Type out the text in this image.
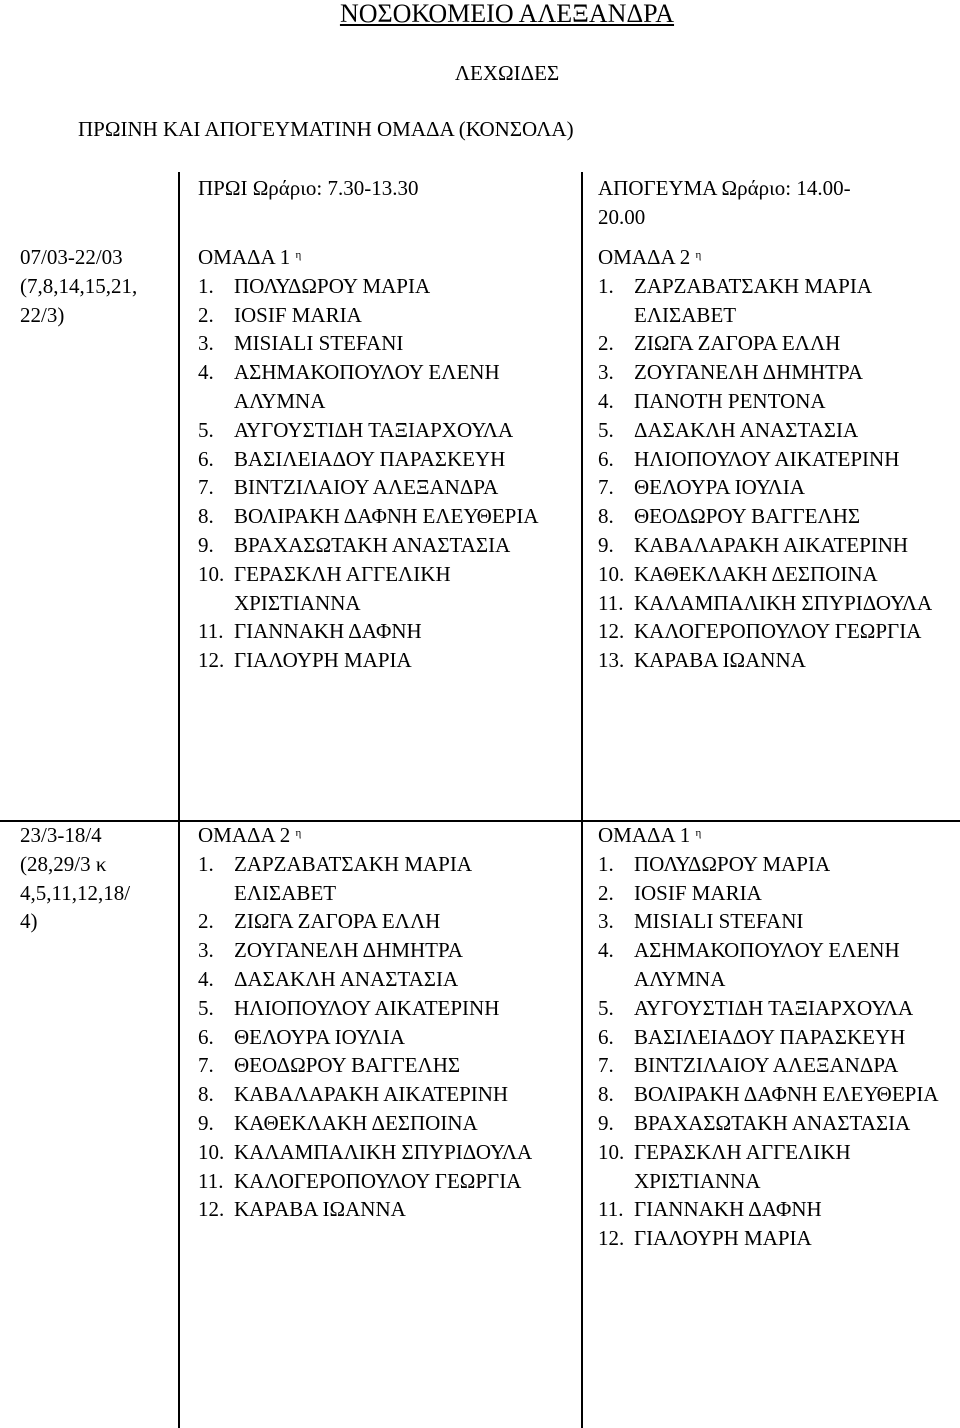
ΝΟΣΟΚΟΜΕΙΟ ΑΛΕΞΑΝΔΡΑ
ΛΕΧΩΙΔΕΣ
ΠΡΩΙΝΗ ΚΑΙ ΑΠΟΓΕΥΜΑΤΙΝΗ ΟΜΑΔΑ (ΚΟΝΣΟΛΑ)
ΠΡΩΙ Ωράριο: 7.30-13.30	ΑΠΟΓΕΥΜΑ Ωράριο: 14.00-
20.00
07/03-22/03
(7,8,14,15,21,
22/3)
ΟΜΑΔΑ 1 $^\eta$
1. ΠΟΛΥΔΩΡΟΥ ΜΑΡΙΑ
2. IOSIF MARIA
3. MISIALI STEFANI
4. ΑΣΗΜΑΚΟΠΟΥΛΟΥ ΕΛΕΝΗ ΑΛΥΜΝΑ
5. ΑΥΓΟΥΣΤΙΔΗ ΤΑΞΙΑΡΧΟΥΛΑ
6. ΒΑΣΙΛΕΙΑΔΟΥ ΠΑΡΑΣΚΕΥΗ
7. ΒΙΝΤΖΙΛΑΙΟΥ ΑΛΕΞΑΝΔΡΑ
8. ΒΟΛΙΡΑΚΗ ΔΑΦΝΗ ΕΛΕΥΘΕΡΙΑ
9. ΒΡΑΧΑΣΩΤΑΚΗ ΑΝΑΣΤΑΣΙΑ
10. ΓΕΡΑΣΚΛΗ ΑΓΓΕΛΙΚΗ ΧΡΙΣΤΙΑΝΝΑ
11. ΓΙΑΝΝΑΚΗ ΔΑΦΝΗ
12. ΓΙΑΛΟΥΡΗ ΜΑΡΙΑ
ΟΜΑΔΑ 2 $^\eta$
1. ΖΑΡΖΑΒΑΤΣΑΚΗ ΜΑΡΙΑ ΕΛΙΣΑΒΕΤ
2. ΖΙΩΓΑ ΖΑΓΟΡΑ ΕΛΛΗ
3. ΖΟΥΓΑΝΕΛΗ ΔΗΜΗΤΡΑ
4. ΠΑΝΟΤΗ ΡΕΝΤΟΝΑ
5. ΔΑΣΑΚΛΗ ΑΝΑΣΤΑΣΙΑ
6. ΗΛΙΟΠΟΥΛΟΥ ΑΙΚΑΤΕΡΙΝΗ
7. ΘΕΛΟΥΡΑ ΙΟΥΛΙΑ
8. ΘΕΟΔΩΡΟΥ ΒΑΓΓΕΛΗΣ
9. ΚΑΒΑΛΑΡΑΚΗ ΑΙΚΑΤΕΡΙΝΗ
10. ΚΑΘΕΚΛΑΚΗ ΔΕΣΠΟΙΝΑ
11. ΚΑΛΑΜΠΑΛΙΚΗ ΣΠΥΡΙΔΟΥΛΑ
12. ΚΑΛΟΓΕΡΟΠΟΥΛΟΥ ΓΕΩΡΓΙΑ
13. ΚΑΡΑΒΑ ΙΩΑΝΝΑ
23/3-18/4
(28,29/3 κ
4,5,11,12,18/
4)
ΟΜΑΔΑ 2 $^\eta$
1. ΖΑΡΖΑΒΑΤΣΑΚΗ ΜΑΡΙΑ ΕΛΙΣΑΒΕΤ
2. ΖΙΩΓΑ ΖΑΓΟΡΑ ΕΛΛΗ
3. ΖΟΥΓΑΝΕΛΗ ΔΗΜΗΤΡΑ
4. ΔΑΣΑΚΛΗ ΑΝΑΣΤΑΣΙΑ
5. ΗΛΙΟΠΟΥΛΟΥ ΑΙΚΑΤΕΡΙΝΗ
6. ΘΕΛΟΥΡΑ ΙΟΥΛΙΑ
7. ΘΕΟΔΩΡΟΥ ΒΑΓΓΕΛΗΣ
8. ΚΑΒΑΛΑΡΑΚΗ ΑΙΚΑΤΕΡΙΝΗ
9. ΚΑΘΕΚΛΑΚΗ ΔΕΣΠΟΙΝΑ
10. ΚΑΛΑΜΠΑΛΙΚΗ ΣΠΥΡΙΔΟΥΛΑ
11. ΚΑΛΟΓΕΡΟΠΟΥΛΟΥ ΓΕΩΡΓΙΑ
12. ΚΑΡΑΒΑ ΙΩΑΝΝΑ
ΟΜΑΔΑ 1 $^\eta$
1. ΠΟΛΥΔΩΡΟΥ ΜΑΡΙΑ
2. IOSIF MARIA
3. MISIALI STEFANI
4. ΑΣΗΜΑΚΟΠΟΥΛΟΥ ΕΛΕΝΗ ΑΛΥΜΝΑ
5. ΑΥΓΟΥΣΤΙΔΗ ΤΑΞΙΑΡΧΟΥΛΑ
6. ΒΑΣΙΛΕΙΑΔΟΥ ΠΑΡΑΣΚΕΥΗ
7. ΒΙΝΤΖΙΛΑΙΟΥ ΑΛΕΞΑΝΔΡΑ
8. ΒΟΛΙΡΑΚΗ ΔΑΦΝΗ ΕΛΕΥΘΕΡΙΑ
9. ΒΡΑΧΑΣΩΤΑΚΗ ΑΝΑΣΤΑΣΙΑ
10. ΓΕΡΑΣΚΛΗ ΑΓΓΕΛΙΚΗ ΧΡΙΣΤΙΑΝΝΑ
11. ΓΙΑΝΝΑΚΗ ΔΑΦΝΗ
12. ΓΙΑΛΟΥΡΗ ΜΑΡΙΑ
